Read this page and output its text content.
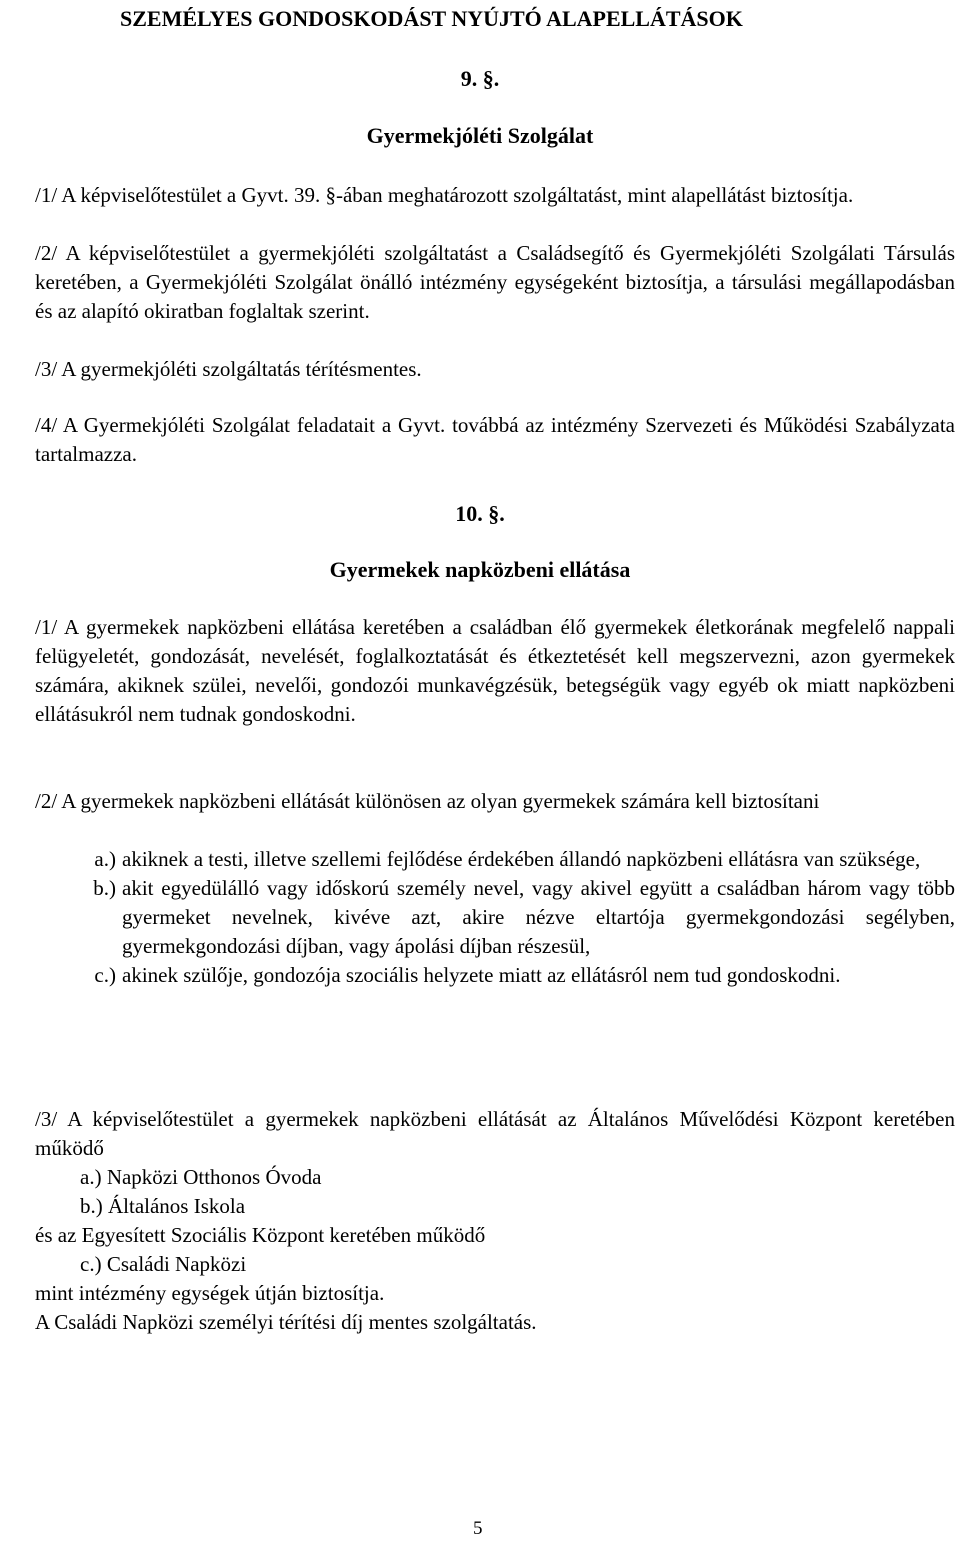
SZEMÉLYES GONDOSKODÁST NYÚJTÓ ALAPELLÁTÁSOK
9. §.
Gyermekjóléti Szolgálat
/1/ A képviselőtestület a Gyvt. 39. §-ában meghatározott szolgáltatást, mint alapellátást biztosítja.
/2/ A képviselőtestület a gyermekjóléti szolgáltatást a Családsegítő és Gyermekjóléti Szolgálati Társulás keretében, a Gyermekjóléti Szolgálat önálló intézmény egységeként biztosítja, a társulási megállapodásban és az alapító okiratban foglaltak szerint.
/3/ A gyermekjóléti szolgáltatás térítésmentes.
/4/ A Gyermekjóléti Szolgálat feladatait a Gyvt. továbbá az intézmény Szervezeti és Működési Szabályzata tartalmazza.
10. §.
Gyermekek napközbeni ellátása
/1/ A gyermekek napközbeni ellátása keretében a családban élő gyermekek életkorának megfelelő nappali felügyeletét, gondozását, nevelését, foglalkoztatását és étkeztetését kell megszervezni, azon gyermekek számára, akiknek szülei, nevelői, gondozói munkavégzésük, betegségük vagy egyéb ok miatt napközbeni ellátásukról nem tudnak gondoskodni.
/2/ A gyermekek napközbeni ellátását különösen az olyan gyermekek számára kell biztosítani
a.) akiknek a testi, illetve szellemi fejlődése érdekében állandó napközbeni ellátásra van szüksége,
b.) akit egyedülálló vagy időskorú személy nevel, vagy akivel együtt a családban három vagy több gyermeket nevelnek, kivéve azt, akire nézve eltartója gyermekgondozási segélyben, gyermekgondozási díjban, vagy ápolási díjban részesül,
c.) akinek szülője, gondozója szociális helyzete miatt az ellátásról nem tud gondoskodni.
/3/ A képviselőtestület a gyermekek napközbeni ellátását az Általános Művelődési Központ keretében működő
a.) Napközi Otthonos Óvoda
b.) Általános Iskola
és az Egyesített Szociális Központ keretében működő
c.) Családi Napközi
mint intézmény egységek útján biztosítja.
A Családi Napközi személyi térítési díj mentes szolgáltatás.
5
